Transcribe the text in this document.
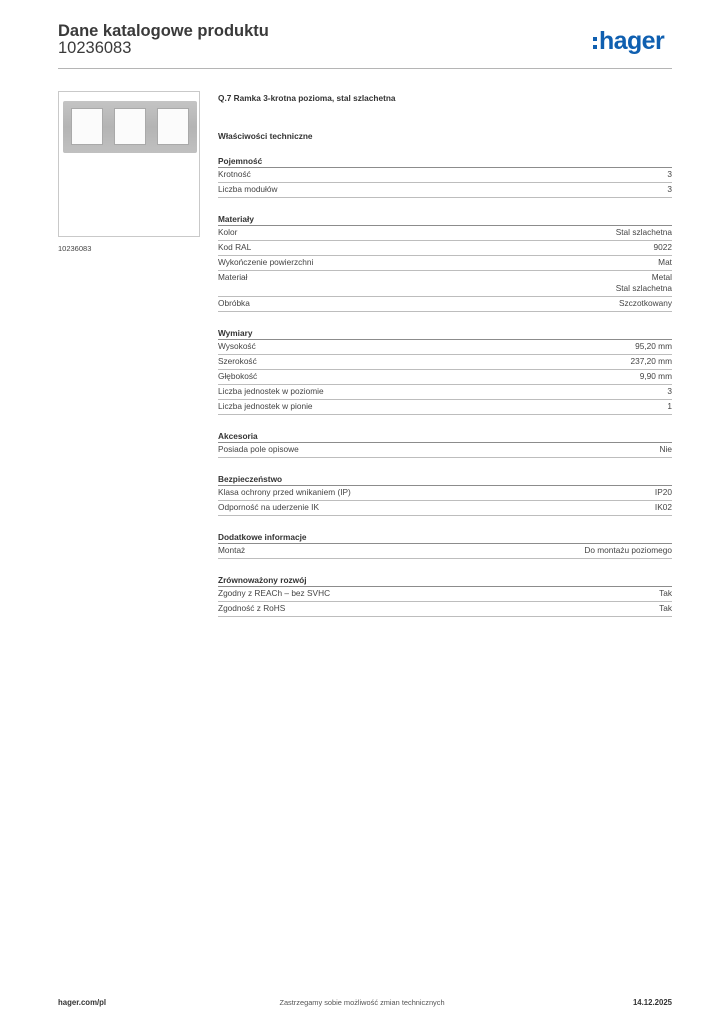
Dane katalogowe produktu
10236083	hager
10236083
Q.7 Ramka 3-krotna pozioma, stal szlachetna
Właściwości techniczne
Pojemność
Krotność	3
Liczba modułów	3
Materiały
Kolor	Stal szlachetna
Kod RAL	9022
Wykończenie powierzchni	Mat
Materiał	Metal
Stal szlachetna
Obróbka	Szczotkowany
Wymiary
Wysokość	95,20 mm
Szerokość	237,20 mm
Głębokość	9,90 mm
Liczba jednostek w poziomie	3
Liczba jednostek w pionie	1
Akcesoria
Posiada pole opisowe	Nie
Bezpieczeństwo
Klasa ochrony przed wnikaniem (IP)	IP20
Odporność na uderzenie IK	IK02
Dodatkowe informacje
Montaż	Do montażu poziomego
Zrównoważony rozwój
Zgodny z REACh – bez SVHC	Tak
Zgodność z RoHS	Tak
hager.com/pl	Zastrzegamy sobie możliwość zmian technicznych	14.12.2025
